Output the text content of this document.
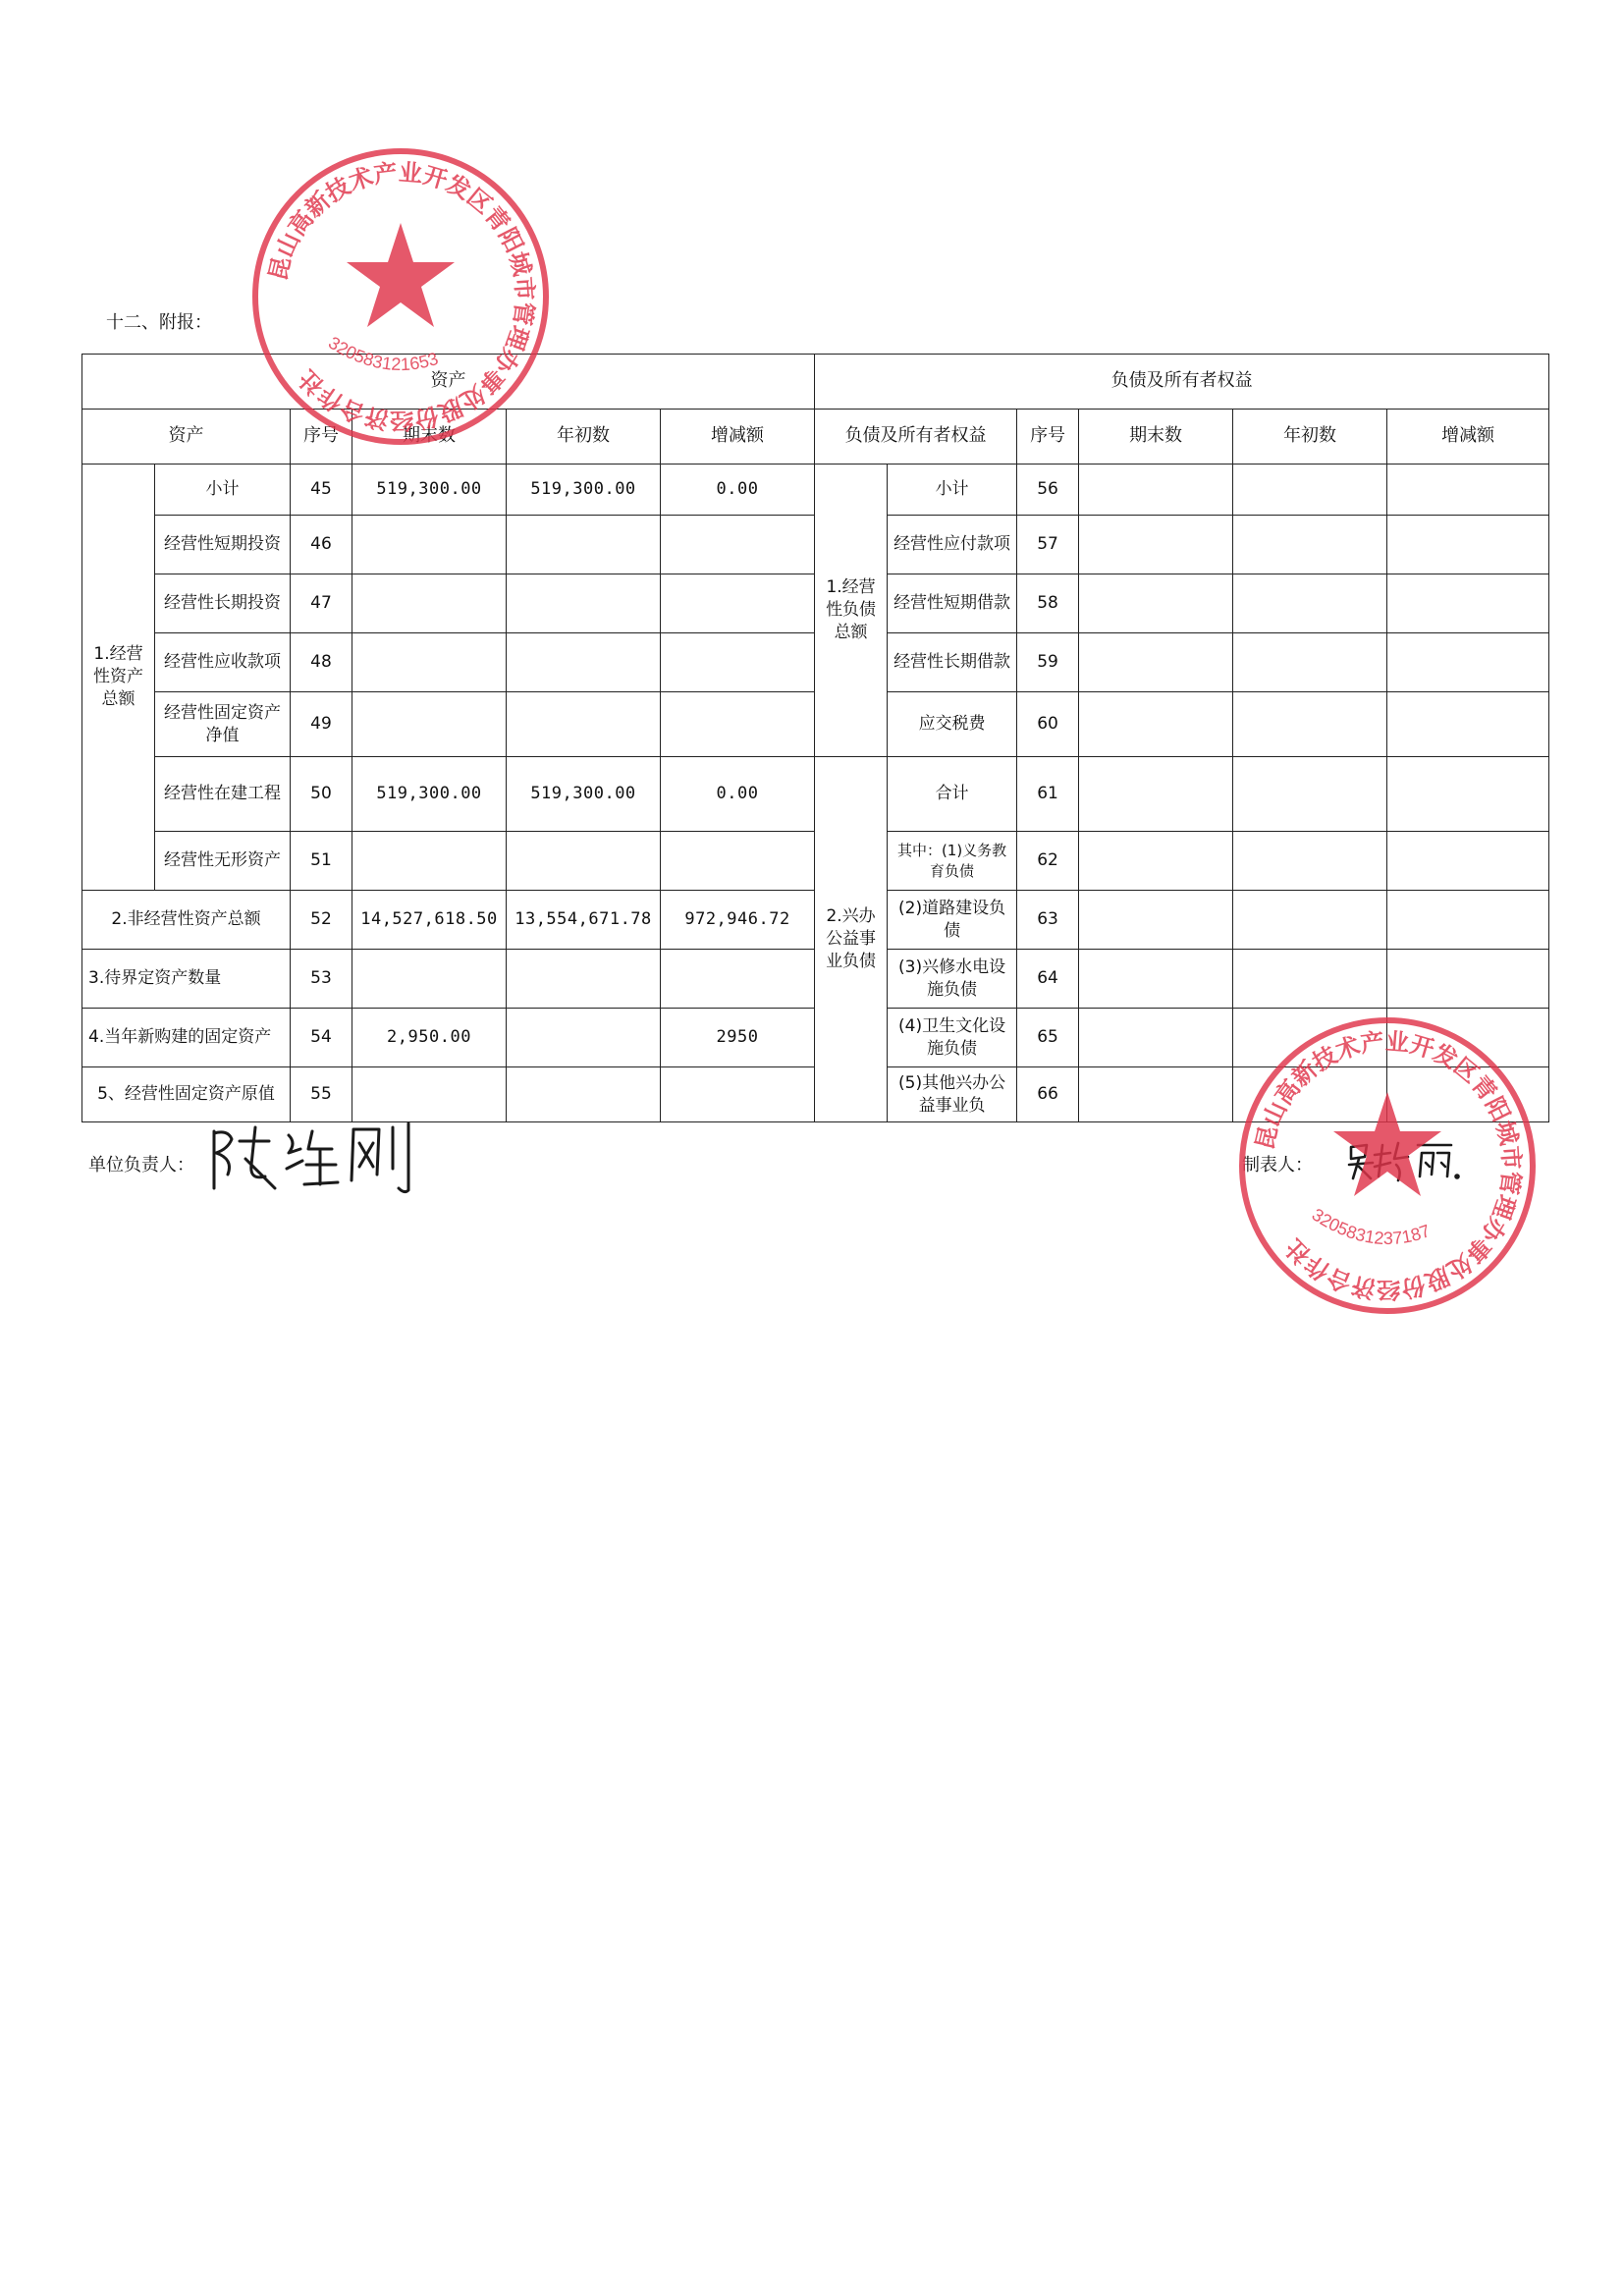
十二、附报：
资产						负债及所有者权益					
资产		序号	期末数	年初数	增减额	负债及所有者权益		序号	期末数	年初数	增减额
1.经营性资产总额	小计	45	519,300.00	519,300.00	0.00	1.经营性负债总额	小计	56			
	经营性短期投资	46					经营性应付款项	57			
	经营性长期投资	47					经营性短期借款	58			
	经营性应收款项	48					经营性长期借款	59			
	经营性固定资产净值	49					应交税费	60			
	经营性在建工程	50	519,300.00	519,300.00	0.00	2.兴办公益事业负债	合计	61			
	经营性无形资产	51					其中：(1)义务教育负债	62			
2.非经营性资产总额		52	14,527,618.50	13,554,671.78	972,946.72		(2)道路建设负债	63			
3.待界定资产数量		53					(3)兴修水电设施负债	64			
4.当年新购建的固定资产		54	2,950.00		2950		(4)卫生文化设施负债	65			
5、经营性固定资产原值		55					(5)其他兴办公益事业负	66			
单位负责人：	制表人：
昆山高新技术产业开发区青阳城市管理办事处股份经济合作社
320583121653
昆山高新技术产业开发区青阳城市管理办事处股份经济合作社
3205831237187
